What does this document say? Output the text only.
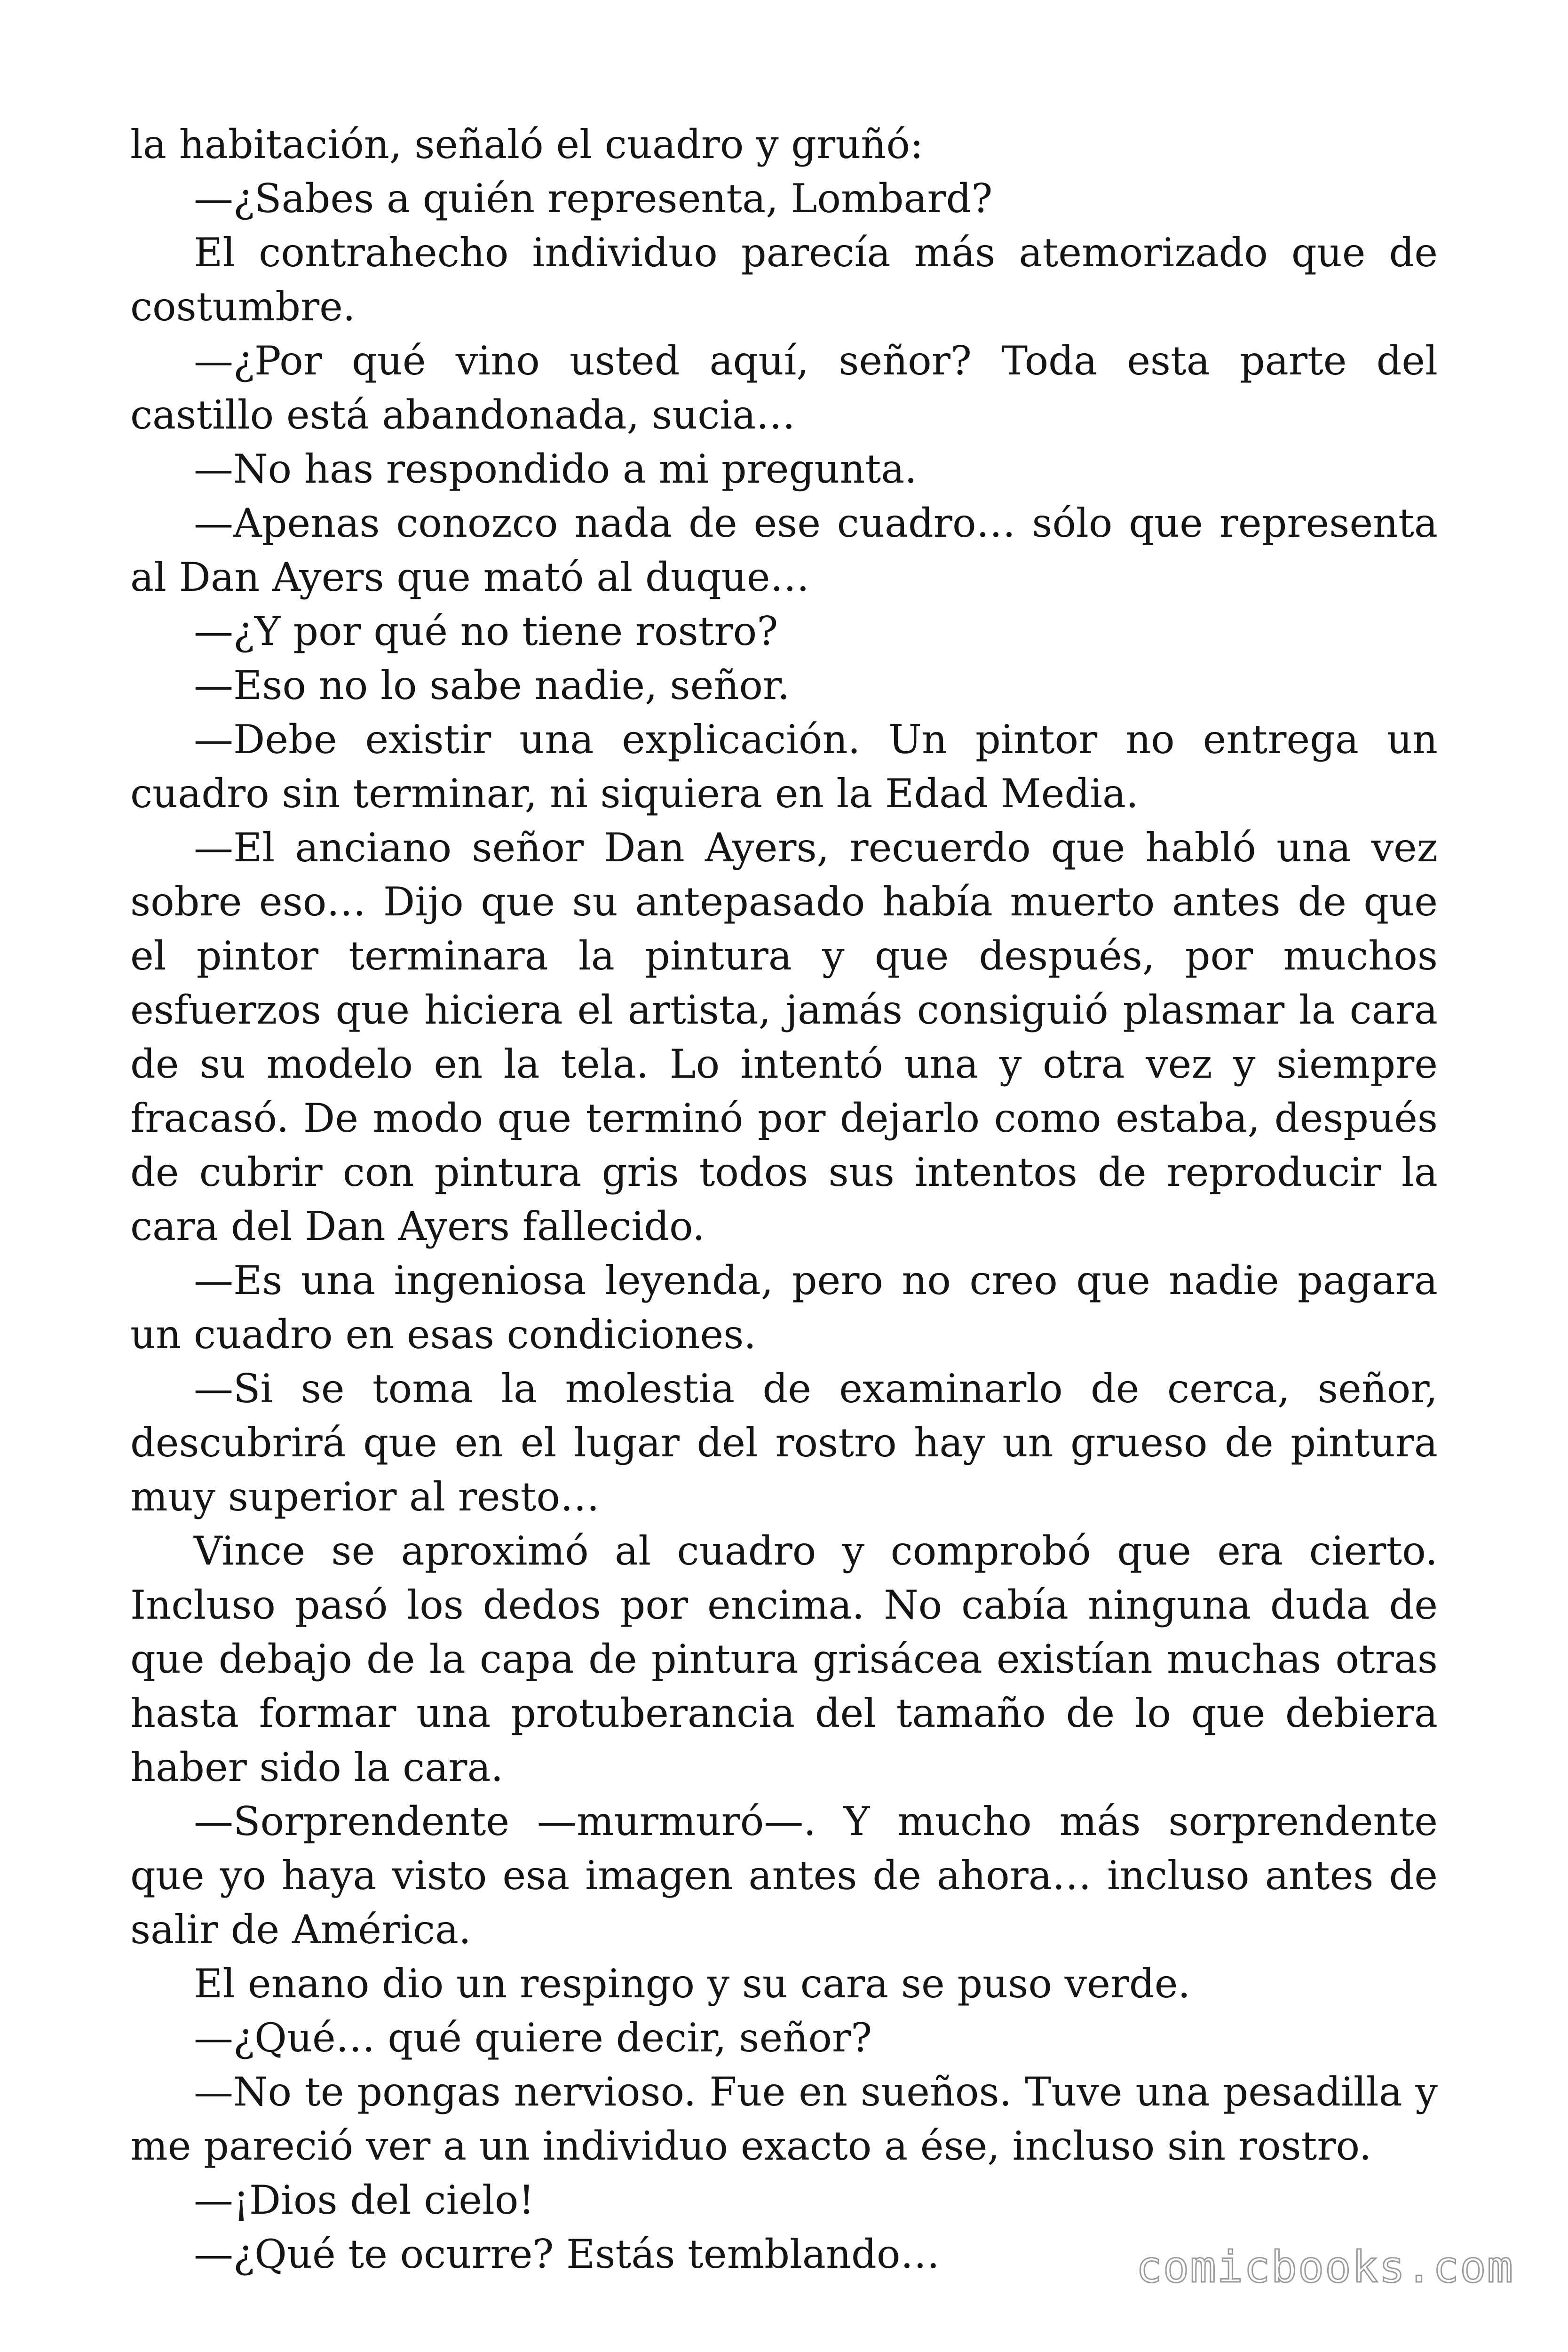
la habitación, señaló el cuadro y gruñó:

—¿Sabes a quién representa, Lombard?

El contrahecho individuo parecía más atemorizado que de costumbre.

—¿Por qué vino usted aquí, señor? Toda esta parte del castillo está abandonada, sucia…

—No has respondido a mi pregunta.

—Apenas conozco nada de ese cuadro… sólo que representa al Dan Ayers que mató al duque…

—¿Y por qué no tiene rostro?

—Eso no lo sabe nadie, señor.

—Debe existir una explicación. Un pintor no entrega un cuadro sin terminar, ni siquiera en la Edad Media.

—El anciano señor Dan Ayers, recuerdo que habló una vez sobre eso… Dijo que su antepasado había muerto antes de que el pintor terminara la pintura y que después, por muchos esfuerzos que hiciera el artista, jamás consiguió plasmar la cara de su modelo en la tela. Lo intentó una y otra vez y siempre fracasó. De modo que terminó por dejarlo como estaba, después de cubrir con pintura gris todos sus intentos de reproducir la cara del Dan Ayers fallecido.

—Es una ingeniosa leyenda, pero no creo que nadie pagara un cuadro en esas condiciones.

—Si se toma la molestia de examinarlo de cerca, señor, descubrirá que en el lugar del rostro hay un grueso de pintura muy superior al resto…

Vince se aproximó al cuadro y comprobó que era cierto. Incluso pasó los dedos por encima. No cabía ninguna duda de que debajo de la capa de pintura grisácea existían muchas otras hasta formar una protuberancia del tamaño de lo que debiera haber sido la cara.

—Sorprendente —murmuró—. Y mucho más sorprendente que yo haya visto esa imagen antes de ahora… incluso antes de salir de América.

El enano dio un respingo y su cara se puso verde.

—¿Qué… qué quiere decir, señor?

—No te pongas nervioso. Fue en sueños. Tuve una pesadilla y me pareció ver a un individuo exacto a ése, incluso sin rostro.

—¡Dios del cielo!

—¿Qué te ocurre? Estás temblando…	comicbooks.com
